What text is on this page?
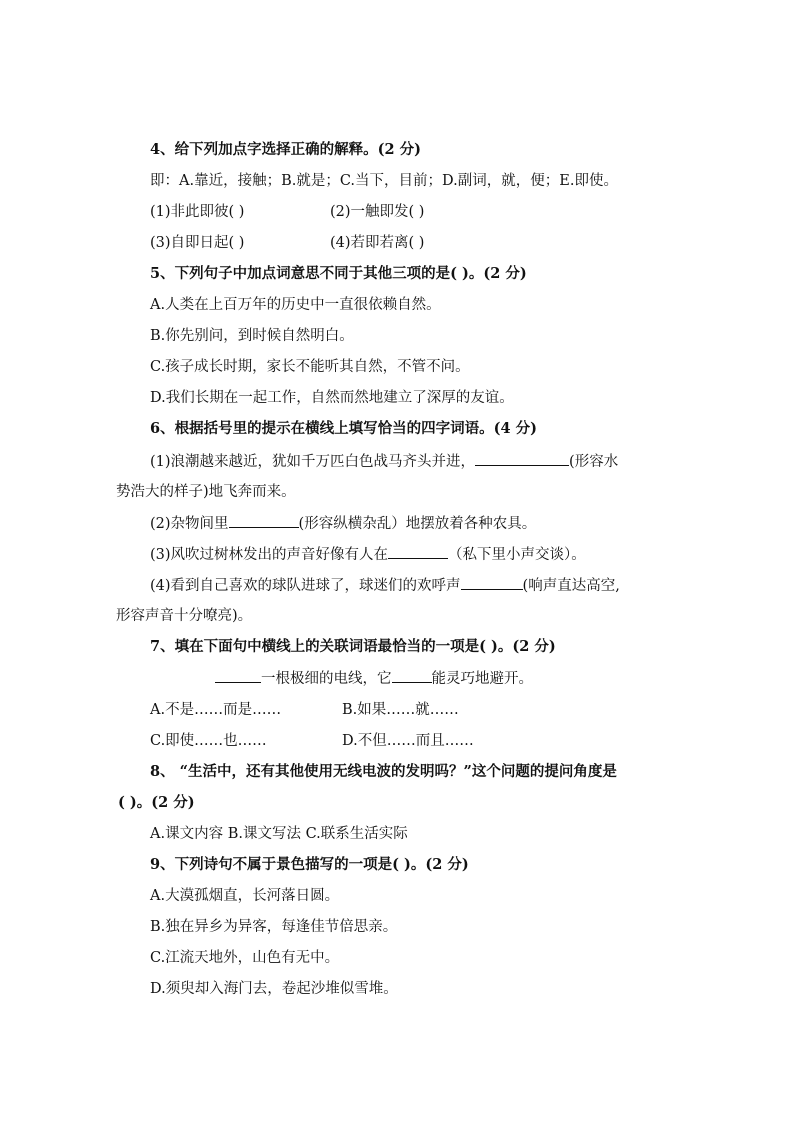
4、给下列加点字选择正确的解释。(2 分)
即：A.靠近，接触；B.就是；C.当下，目前；D.副词，就，便；E.即使。
(1)非此即彼( )	(2)一触即发( )
(3)自即日起( )	(4)若即若离( )
5、下列句子中加点词意思不同于其他三项的是( )。(2 分)
A.人类在上百万年的历史中一直很依赖自然。
B.你先别问，到时候自然明白。
C.孩子成长时期，家长不能听其自然，不管不问。
D.我们长期在一起工作，自然而然地建立了深厚的友谊。
6、根据括号里的提示在横线上填写恰当的四字词语。(4 分)
(1)浪潮越来越近，犹如千万匹白色战马齐头并进，	(形容水
势浩大的样子)地飞奔而来。
(2)杂物间里	(形容纵横杂乱）地摆放着各种农具。
(3)风吹过树林发出的声音好像有人在	（私下里小声交谈）。
(4)看到自己喜欢的球队进球了，球迷们的欢呼声	(响声直达高空,
形容声音十分嘹亮)。
7、填在下面句中横线上的关联词语最恰当的一项是( )。(2 分)
一根极细的电线，它	能灵巧地避开。
A.不是……而是……	B.如果……就……
C.即使……也……	D.不但……而且……
8、 “生活中，还有其他使用无线电波的发明吗？”这个问题的提问角度是
( )。(2 分)
A.课文内容 B.课文写法 C.联系生活实际
9、下列诗句不属于景色描写的一项是( )。(2 分)
A.大漠孤烟直，长河落日圆。
B.独在异乡为异客，每逢佳节倍思亲。
C.江流天地外，山色有无中。
D.须臾却入海门去，卷起沙堆似雪堆。
